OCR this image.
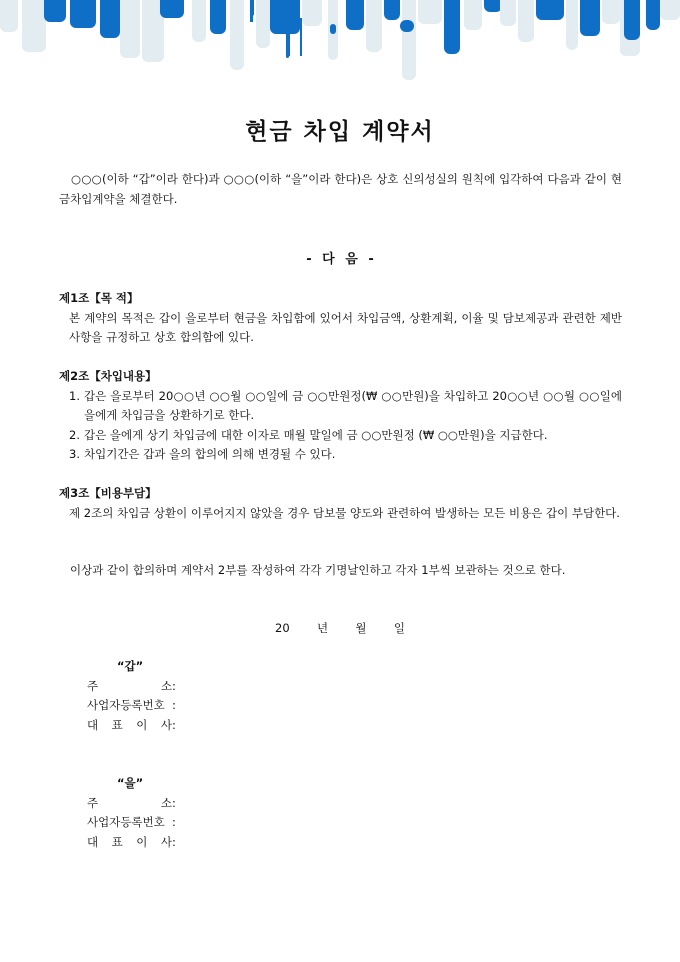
현금 차입 계약서

○○○(이하 “갑”이라 한다)과 ○○○(이하 “을”이라 한다)은 상호 신의성실의 원칙에 입각하여 다음과 같이 현금차입계약을 체결한다.

- 다 음 -

제1조【목 적】

본 계약의 목적은 갑이 을로부터 현금을 차입함에 있어서 차입금액, 상환계획, 이율 및 담보제공과 관련한 제반사항을 규정하고 상호 합의함에 있다.

제2조【차입내용】

1. 갑은 을로부터 20○○년 ○○월 ○○일에 금 ○○만원정(₩ ○○만원)을 차입하고 20○○년 ○○월 ○○일에 을에게 차입금을 상환하기로 한다.
2. 갑은 을에게 상기 차입금에 대한 이자로 매월 말일에 금 ○○만원정 (₩ ○○만원)을 지급한다.
3. 차입기간은 갑과 을의 합의에 의해 변경될 수 있다.

제3조【비용부담】

제 2조의 차입금 상환이 이루어지지 않았을 경우 담보물 양도와 관련하여 발생하는 모든 비용은 갑이 부담한다.

이상과 같이 합의하며 계약서 2부를 작성하여 각각 기명날인하고 각자 1부씩 보관하는 것으로 한다.

20 년 월 일

“갑”

주	소 :
사업자등록번호 :
대 표 이 사 :

“을”

주	소 :
사업자등록번호 :
대 표 이 사 :
